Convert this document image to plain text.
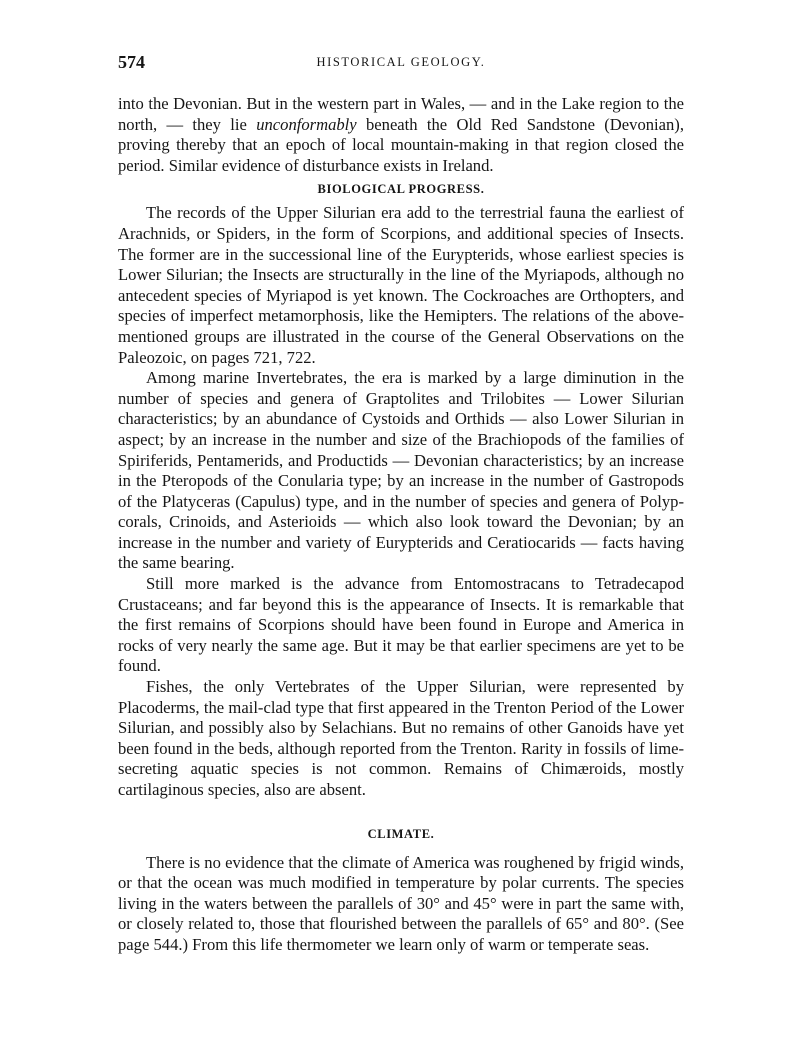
574	HISTORICAL GEOLOGY.

into the Devonian. But in the western part in Wales, — and in the Lake region to the north, — they lie unconformably beneath the Old Red Sandstone (Devonian), proving thereby that an epoch of local mountain-making in that region closed the period. Similar evidence of disturbance exists in Ireland.

BIOLOGICAL PROGRESS.

The records of the Upper Silurian era add to the terrestrial fauna the earliest of Arachnids, or Spiders, in the form of Scorpions, and additional species of Insects. The former are in the successional line of the Eurypterids, whose earliest species is Lower Silurian; the Insects are structurally in the line of the Myriapods, although no antecedent species of Myriapod is yet known. The Cockroaches are Orthopters, and species of imperfect metamorphosis, like the Hemipters. The relations of the above-mentioned groups are illustrated in the course of the General Observations on the Paleozoic, on pages 721, 722.

Among marine Invertebrates, the era is marked by a large diminution in the number of species and genera of Graptolites and Trilobites — Lower Silurian characteristics; by an abundance of Cystoids and Orthids — also Lower Silurian in aspect; by an increase in the number and size of the Brachiopods of the families of Spiriferids, Pentamerids, and Productids — Devonian characteristics; by an increase in the Pteropods of the Conularia type; by an increase in the number of Gastropods of the Platyceras (Capulus) type, and in the number of species and genera of Polyp-corals, Crinoids, and Asterioids — which also look toward the Devonian; by an increase in the number and variety of Eurypterids and Ceratiocarids — facts having the same bearing.

Still more marked is the advance from Entomostracans to Tetradecapod Crustaceans; and far beyond this is the appearance of Insects. It is remarkable that the first remains of Scorpions should have been found in Europe and America in rocks of very nearly the same age. But it may be that earlier specimens are yet to be found.

Fishes, the only Vertebrates of the Upper Silurian, were represented by Placoderms, the mail-clad type that first appeared in the Trenton Period of the Lower Silurian, and possibly also by Selachians. But no remains of other Ganoids have yet been found in the beds, although reported from the Trenton. Rarity in fossils of lime-secreting aquatic species is not common. Remains of Chimæroids, mostly cartilaginous species, also are absent.

CLIMATE.

There is no evidence that the climate of America was roughened by frigid winds, or that the ocean was much modified in temperature by polar currents. The species living in the waters between the parallels of 30° and 45° were in part the same with, or closely related to, those that flourished between the parallels of 65° and 80°. (See page 544.) From this life thermometer we learn only of warm or temperate seas.
